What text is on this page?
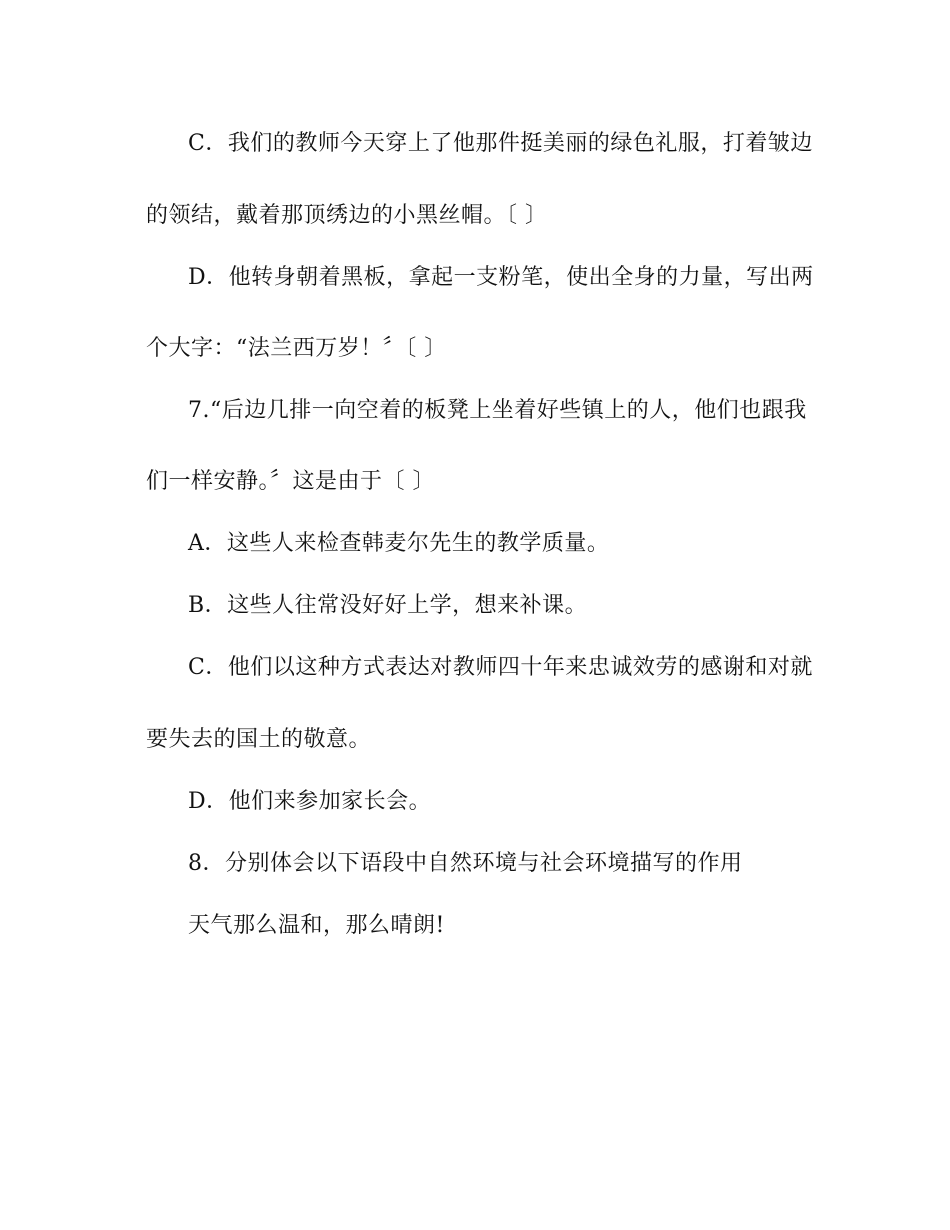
C．我们的教师今天穿上了他那件挺美丽的绿色礼服，打着皱边
的领结，戴着那顶绣边的小黑丝帽。〔 〕
D．他转身朝着黑板，拿起一支粉笔，使出全身的力量，写出两
个大字：“法兰西万岁！〞〔 〕
7.“后边几排一向空着的板凳上坐着好些镇上的人，他们也跟我
们一样安静。〞这是由于〔 〕
A．这些人来检查韩麦尔先生的教学质量。
B．这些人往常没好好上学，想来补课。
C．他们以这种方式表达对教师四十年来忠诚效劳的感谢和对就
要失去的国土的敬意。
D．他们来参加家长会。
8．分别体会以下语段中自然环境与社会环境描写的作用
天气那么温和，那么晴朗!
